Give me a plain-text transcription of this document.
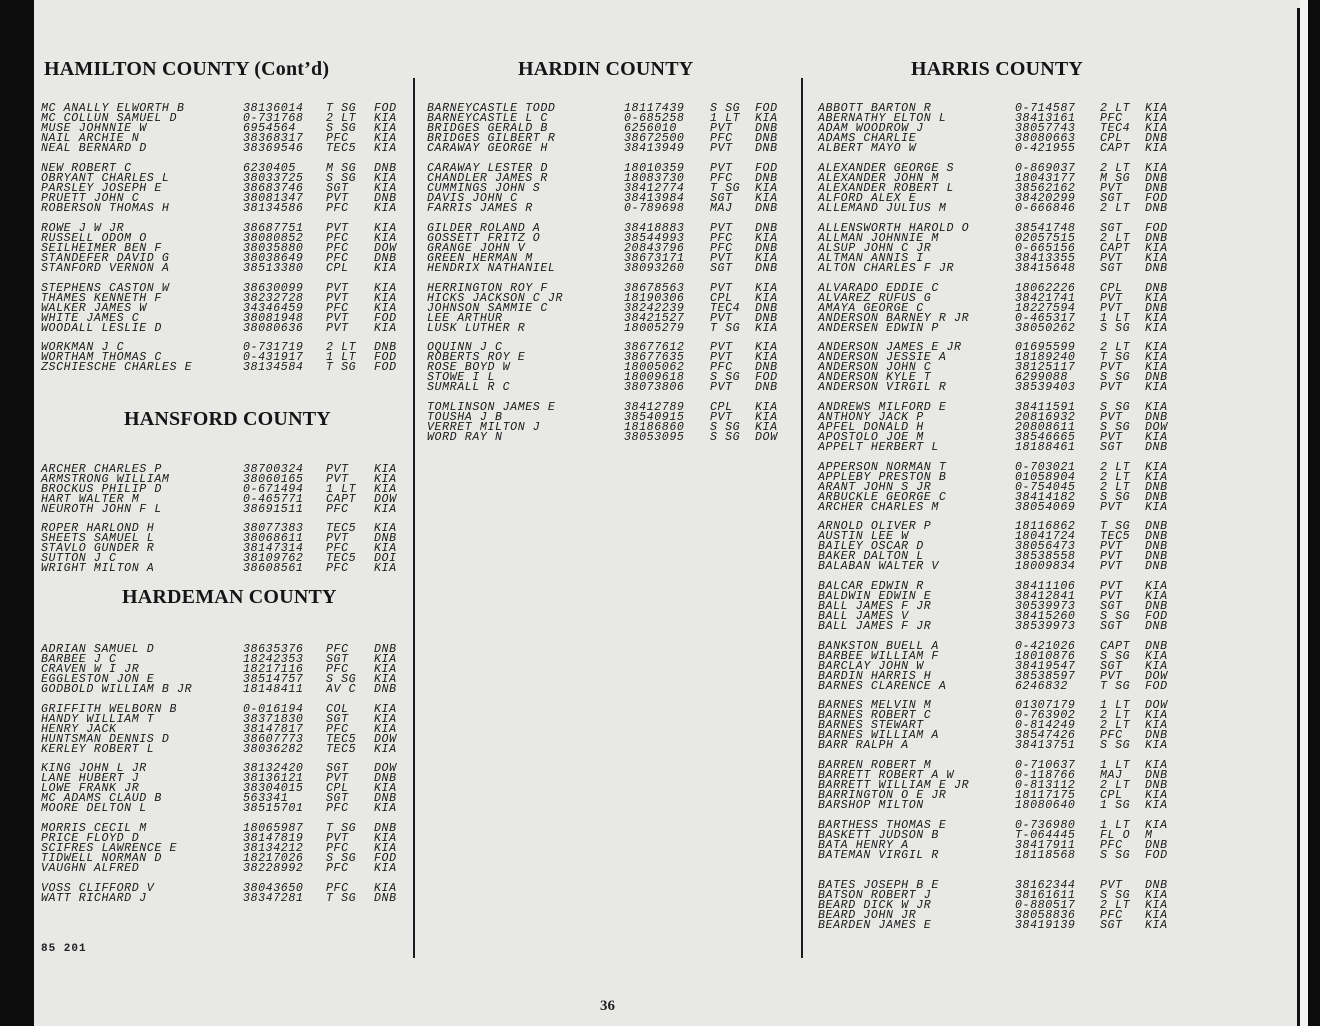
85 201
36
HAMILTON COUNTY (Cont’d)
MC ANALLY ELWORTH B	38136014 T SG FOD
MC COLLUN SAMUEL D	0-731768 2 LT KIA
MUSE JOHNNIE W	6954564	S SG KIA
NAIL ARCHIE N	38368317 PFC KIA
NEAL BERNARD D	38369546 TEC5 KIA
NEW ROBERT C	6230405	M SG DNB
OBRYANT CHARLES L	38033725 S SG KIA
PARSLEY JOSEPH E	38683746 SGT KIA
PRUETT JOHN C	38081347 PVT DNB
ROBERSON THOMAS H	38134586 PFC KIA
ROWE J W JR	38687751 PVT KIA
RUSSELL ODOM O	38080852 PFC KIA
SEILHEIMER BEN F	38035880 PFC DOW
STANDEFER DAVID G	38038649 PFC DNB
STANFORD VERNON A	38513380 CPL KIA
STEPHENS CASTON W	38630099 PVT KIA
THAMES KENNETH F	38232728 PVT KIA
WALKER JAMES W	34346459 PFC KIA
WHITE JAMES C	38081948 PVT FOD
WOODALL LESLIE D	38080636 PVT KIA
WORKMAN J C	0-731719 2 LT DNB
WORTHAM THOMAS C	0-431917 1 LT FOD
ZSCHIESCHE CHARLES E	38134584 T SG FOD
HANSFORD COUNTY
ARCHER CHARLES P	38700324 PVT KIA
ARMSTRONG WILLIAM	38060165 PVT KIA
BROCKUS PHILIP D	0-671494 1 LT KIA
HART WALTER M	0-465771 CAPT DOW
NEUROTH JOHN F L	38691511 PFC KIA
ROPER HARLOND H	38077383 TEC5 KIA
SHEETS SAMUEL L	38068611 PVT DNB
STAVLO GUNDER R	38147314 PFC KIA
SUTTON J C	38109762 TEC5 DOI
WRIGHT MILTON A	38608561 PFC KIA
HARDEMAN COUNTY
ADRIAN SAMUEL D	38635376 PFC DNB
BARBEE J C	18242353 SGT KIA
CRAVEN W I JR	18217116 PFC KIA
EGGLESTON JON E	38514757 S SG KIA
GODBOLD WILLIAM B JR	18148411 AV C DNB
GRIFFITH WELBORN B	0-016194 COL KIA
HANDY WILLIAM T	38371830 SGT KIA
HENRY JACK	38147817 PFC KIA
HUNTSMAN DENNIS D	38607773 TEC5 DOW
KERLEY ROBERT L	38036282 TEC5 KIA
KING JOHN L JR	38132420 SGT DOW
LANE HUBERT J	38136121 PVT DNB
LOWE FRANK JR	38304015 CPL KIA
MC ADAMS CLAUD B	563341	SGT DNB
MOORE DELTON L	38515701 PFC KIA
MORRIS CECIL M	18065987 T SG DNB
PRICE FLOYD D	38147819 PVT KIA
SCIFRES LAWRENCE E	38134212 PFC KIA
TIDWELL NORMAN D	18217026 S SG FOD
VAUGHN ALFRED	38228992 PFC KIA
VOSS CLIFFORD V	38043650 PFC KIA
WATT RICHARD J	38347281 T SG DNB
HARDIN COUNTY
BARNEYCASTLE TODD	18117439 S SG FOD
BARNEYCASTLE L C	0-685258 1 LT KIA
BRIDGES GERALD B	6256010	PVT DNB
BRIDGES GILBERT R	38672500 PFC DNB
CARAWAY GEORGE H	38413949 PVT DNB
CARAWAY LESTER D	18010359 PVT FOD
CHANDLER JAMES R	18083730 PFC DNB
CUMMINGS JOHN S	38412774 T SG KIA
DAVIS JOHN C	38413984 SGT KIA
FARRIS JAMES R	0-789698 MAJ DNB
GILDER ROLAND A	38418883 PVT DNB
GOSSETT FRITZ O	38544993 PFC KIA
GRANGE JOHN V	20843796 PFC DNB
GREEN HERMAN M	38673171 PVT KIA
HENDRIX NATHANIEL	38093260 SGT DNB
HERRINGTON ROY F	38678563 PVT KIA
HICKS JACKSON C JR	18190306 CPL KIA
JOHNSON SAMMIE C	38242239 TEC4 DNB
LEE ARTHUR	38421527 PVT DNB
LUSK LUTHER R	18005279 T SG KIA
OQUINN J C	38677612 PVT KIA
ROBERTS ROY E	38677635 PVT KIA
ROSE BOYD W	18005062 PFC DNB
STOWE I L	18009618 S SG FOD
SUMRALL R C	38073806 PVT DNB
TOMLINSON JAMES E	38412789 CPL KIA
TOUSHA J B	38540915 PVT KIA
VERRET MILTON J	18186860 S SG KIA
WORD RAY N	38053095 S SG DOW
HARRIS COUNTY
ABBOTT BARTON R	0-714587 2 LT KIA
ABERNATHY ELTON L	38413161 PFC KIA
ADAM WOODROW J	38057743 TEC4 KIA
ADAMS CHARLIE	38080663 CPL DNB
ALBERT MAYO W	0-421955 CAPT KIA
ALEXANDER GEORGE S	0-869037 2 LT KIA
ALEXANDER JOHN M	18043177 M SG DNB
ALEXANDER ROBERT L	38562162 PVT DNB
ALFORD ALEX E	38420299 SGT FOD
ALLEMAND JULIUS M	0-666846 2 LT DNB
ALLENSWORTH HAROLD O	38541748 SGT FOD
ALLMAN JOHNNIE M	02057515 2 LT DNB
ALSUP JOHN C JR	0-665156 CAPT KIA
ALTMAN ANNIS I	38413355 PVT KIA
ALTON CHARLES F JR	38415648 SGT DNB
ALVARADO EDDIE C	18062226 CPL DNB
ALVAREZ RUFUS G	38421741 PVT KIA
AMAYA GEORGE C	18227594 PVT DNB
ANDERSON BARNEY R JR	0-465317 1 LT KIA
ANDERSEN EDWIN P	38050262 S SG KIA
ANDERSON JAMES E JR	01695599 2 LT KIA
ANDERSON JESSIE A	18189240 T SG KIA
ANDERSON JOHN C	38125117 PVT KIA
ANDERSON KYLE T	6299088	S SG DNB
ANDERSON VIRGIL R	38539403 PVT KIA
ANDREWS MILFORD E	38411591 S SG KIA
ANTHONY JACK P	20816932 PVT DNB
APFEL DONALD H	20808611 S SG DOW
APOSTOLO JOE M	38546665 PVT KIA
APPELT HERBERT L	18188461 SGT DNB
APPERSON NORMAN T	0-703021 2 LT KIA
APPLEBY PRESTON B	01058904 2 LT KIA
ARANT JOHN S JR	0-754045 2 LT DNB
ARBUCKLE GEORGE C	38414182 S SG DNB
ARCHER CHARLES M	38054069 PVT KIA
ARNOLD OLIVER P	18116862 T SG DNB
AUSTIN LEE W	18041724 TEC5 DNB
BAILEY OSCAR D	38056473 PVT DNB
BAKER DALTON L	38538558 PVT DNB
BALABAN WALTER V	18009834 PVT DNB
BALCAR EDWIN R	38411106 PVT KIA
BALDWIN EDWIN E	38412841 PVT KIA
BALL JAMES F JR	30539973 SGT DNB
BALL JAMES V	38415260 S SG FOD
BALL JAMES F JR	38539973 SGT DNB
BANKSTON BUELL A	0-421026 CAPT DNB
BARBEE WILLIAM F	18010876 S SG KIA
BARCLAY JOHN W	38419547 SGT KIA
BARDIN HARRIS H	38538597 PVT DOW
BARNES CLARENCE A	6246832	T SG FOD
BARNES MELVIN M	01307179 1 LT DOW
BARNES ROBERT C	0-763902 2 LT KIA
BARNES STEWART	0-814249 2 LT KIA
BARNES WILLIAM A	38547426 PFC DNB
BARR RALPH A	38413751 S SG KIA
BARREN ROBERT M	0-710637 1 LT KIA
BARRETT ROBERT A W	0-118766 MAJ DNB
BARRETT WILLIAM E JR	0-813112 2 LT DNB
BARRINGTON O E JR	18117175 CPL KIA
BARSHOP MILTON	18080640 1 SG KIA
BARTHESS THOMAS E	0-736980 1 LT KIA
BASKETT JUDSON B	T-064445 FL O M
BATA HENRY A	38417911 PFC DNB
BATEMAN VIRGIL R	18118568 S SG FOD
BATES JOSEPH B E	38162344 PVT DNB
BATSON ROBERT J	38161611 S SG KIA
BEARD DICK W JR	0-880517 2 LT KIA
BEARD JOHN JR	38058836 PFC KIA
BEARDEN JAMES E	38419139 SGT KIA
